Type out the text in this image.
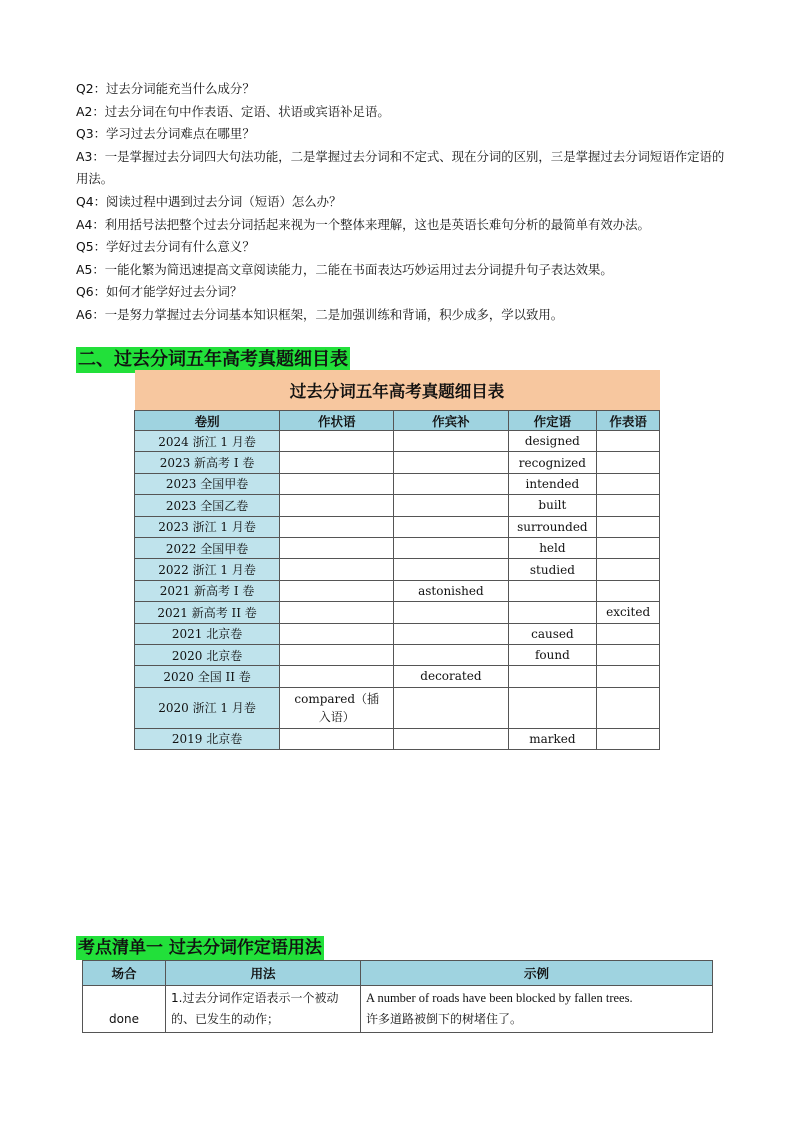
Q2：过去分词能充当什么成分？

A2：过去分词在句中作表语、定语、状语或宾语补足语。

Q3：学习过去分词难点在哪里？

A3：一是掌握过去分词四大句法功能，二是掌握过去分词和不定式、现在分词的区别，三是掌握过去分词短语作定语的用法。

Q4：阅读过程中遇到过去分词（短语）怎么办？

A4：利用括号法把整个过去分词括起来视为一个整体来理解，这也是英语长难句分析的最简单有效办法。

Q5：学好过去分词有什么意义？

A5：一能化繁为简迅速提高文章阅读能力，二能在书面表达巧妙运用过去分词提升句子表达效果。

Q6：如何才能学好过去分词？

A6：一是努力掌握过去分词基本知识框架，二是加强训练和背诵，积少成多，学以致用。

二、过去分词五年高考真题细目表
过去分词五年高考真题细目表				
卷别	作状语	作宾补	作定语	作表语
2024 浙江 1 月卷			designed	
2023 新高考 I 卷			recognized	
2023 全国甲卷			intended	
2023 全国乙卷			built	
2023 浙江 1 月卷			surrounded	
2022 全国甲卷			held	
2022 浙江 1 月卷			studied	
2021 新高考 I 卷		astonished		
2021 新高考 II 卷				excited
2021 北京卷			caused	
2020 北京卷			found	
2020 全国 II 卷		decorated		
2020 浙江 1 月卷	compared（插
入语）			
2019 北京卷			marked	
考点清单一 过去分词作定语用法
场合	用法	示例
done	1.过去分词作定语表示一个被动的、已发生的动作；	A number of roads have been blocked by fallen trees.
许多道路被倒下的树堵住了。
